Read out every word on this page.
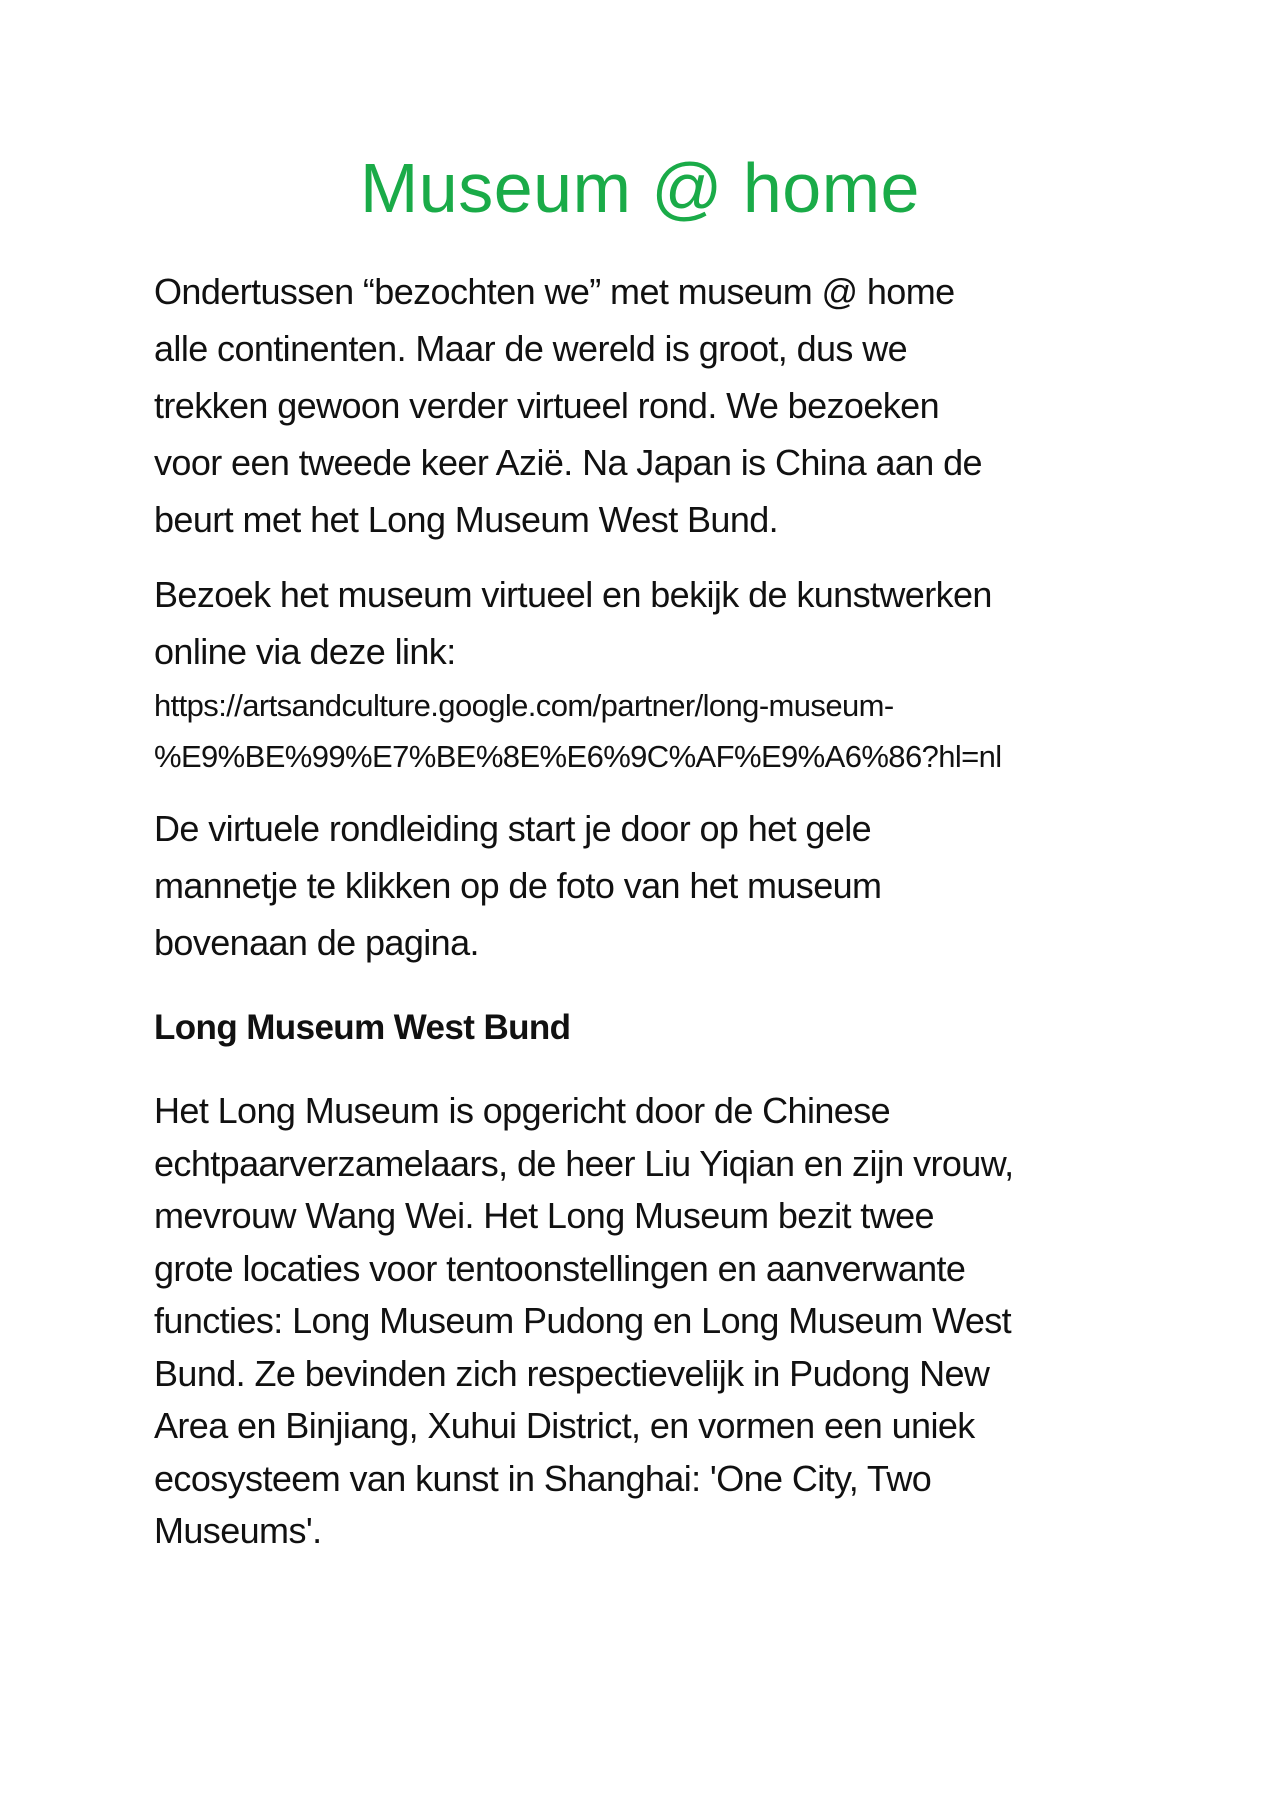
Museum @ home

Ondertussen “bezochten we” met museum @ home
alle continenten. Maar de wereld is groot, dus we
trekken gewoon verder virtueel rond. We bezoeken
voor een tweede keer Azië. Na Japan is China aan de
beurt met het Long Museum West Bund.

Bezoek het museum virtueel en bekijk de kunstwerken
online via deze link:

https://artsandculture.google.com/partner/long-museum-
%E9%BE%99%E7%BE%8E%E6%9C%AF%E9%A6%86?hl=nl

De virtuele rondleiding start je door op het gele
mannetje te klikken op de foto van het museum
bovenaan de pagina.

Long Museum West Bund

Het Long Museum is opgericht door de Chinese
echtpaarverzamelaars, de heer Liu Yiqian en zijn vrouw,
mevrouw Wang Wei. Het Long Museum bezit twee
grote locaties voor tentoonstellingen en aanverwante
functies: Long Museum Pudong en Long Museum West
Bund. Ze bevinden zich respectievelijk in Pudong New
Area en Binjiang, Xuhui District, en vormen een uniek
ecosysteem van kunst in Shanghai: 'One City, Two
Museums'.
